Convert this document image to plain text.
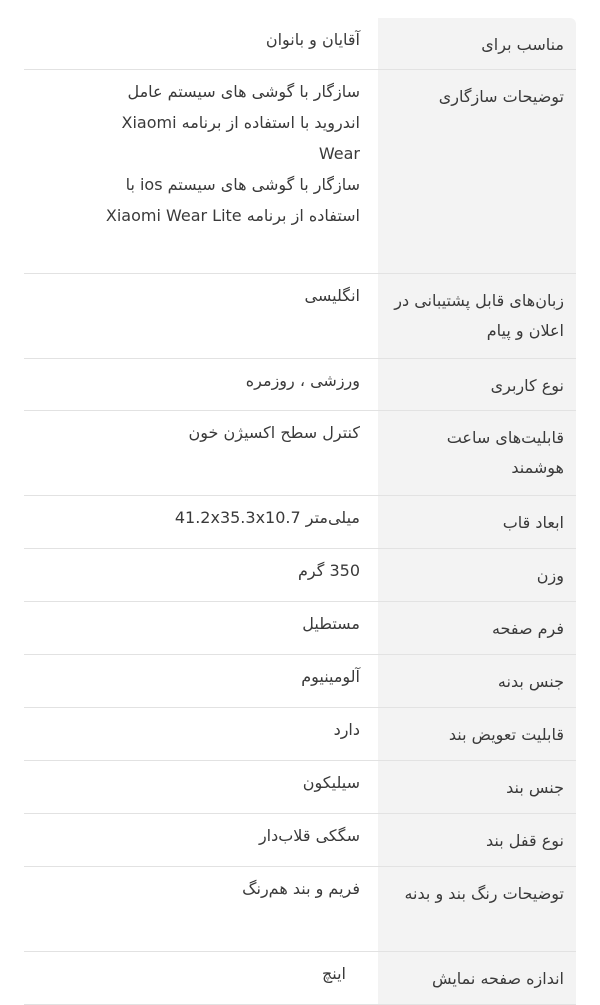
مناسب برای
آقایان و بانوان
توضیحات سازگاری
سازگار با گوشی های سیستم عامل
اندروید با استفاده از برنامه Xiaomi
Wear
سازگار با گوشی های سیستم ios با
استفاده از برنامه Xiaomi Wear Lite
زبان‌های قابل پشتیبانی در اعلان و پیام
انگلیسی
نوع کاربری
ورزشی ، روزمره
قابلیت‌های ساعت هوشمند
کنترل سطح اکسیژن خون
ابعاد قاب
میلی‌متر 41.2x35.3x10.7
وزن
350 گرم
فرم صفحه
مستطیل
جنس بدنه
آلومینیوم
قابلیت تعویض بند
دارد
جنس بند
سیلیکون
نوع قفل بند
سگکی قلاب‌دار
توضیحات رنگ بند و بدنه
فریم و بند هم‌رنگ
اندازه صفحه نمایش
اینچ
